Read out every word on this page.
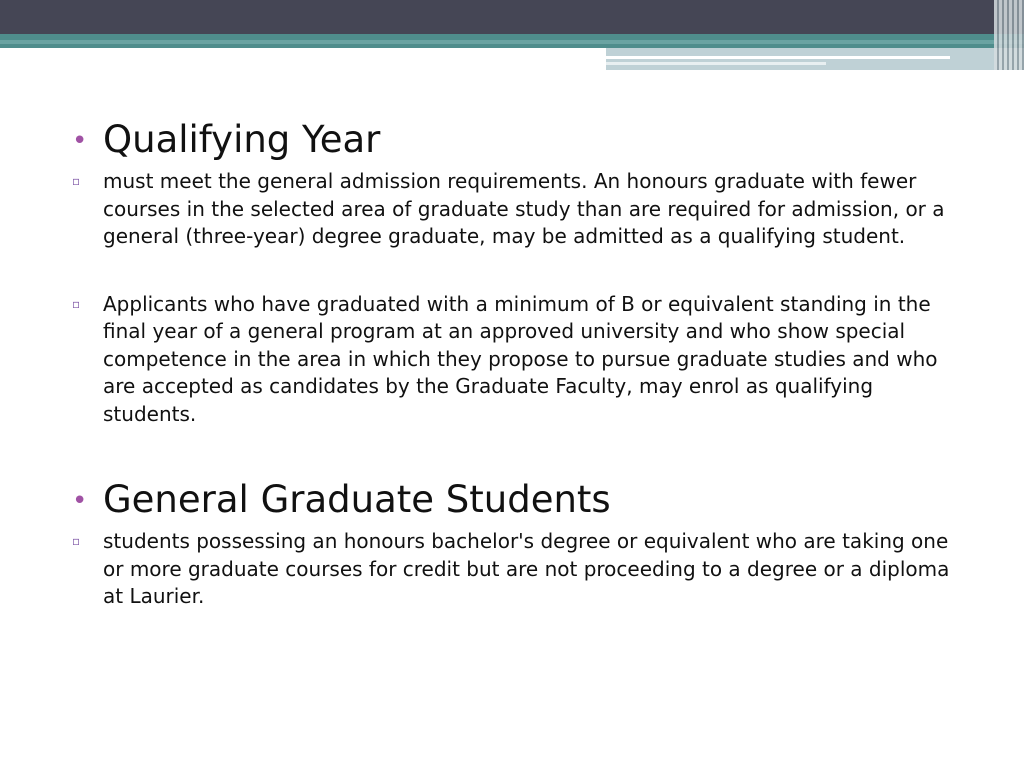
• Qualifying Year
▫ must meet the general admission requirements. An honours graduate with fewer courses in the selected area of graduate study than are required for admission, or a general (three-year) degree graduate, may be admitted as a qualifying student.
▫ Applicants who have graduated with a minimum of B or equivalent standing in the final year of a general program at an approved university and who show special competence in the area in which they propose to pursue graduate studies and who are accepted as candidates by the Graduate Faculty, may enrol as qualifying students.
• General Graduate Students
▫ students possessing an honours bachelor's degree or equivalent who are taking one or more graduate courses for credit but are not proceeding to a degree or a diploma at Laurier.
